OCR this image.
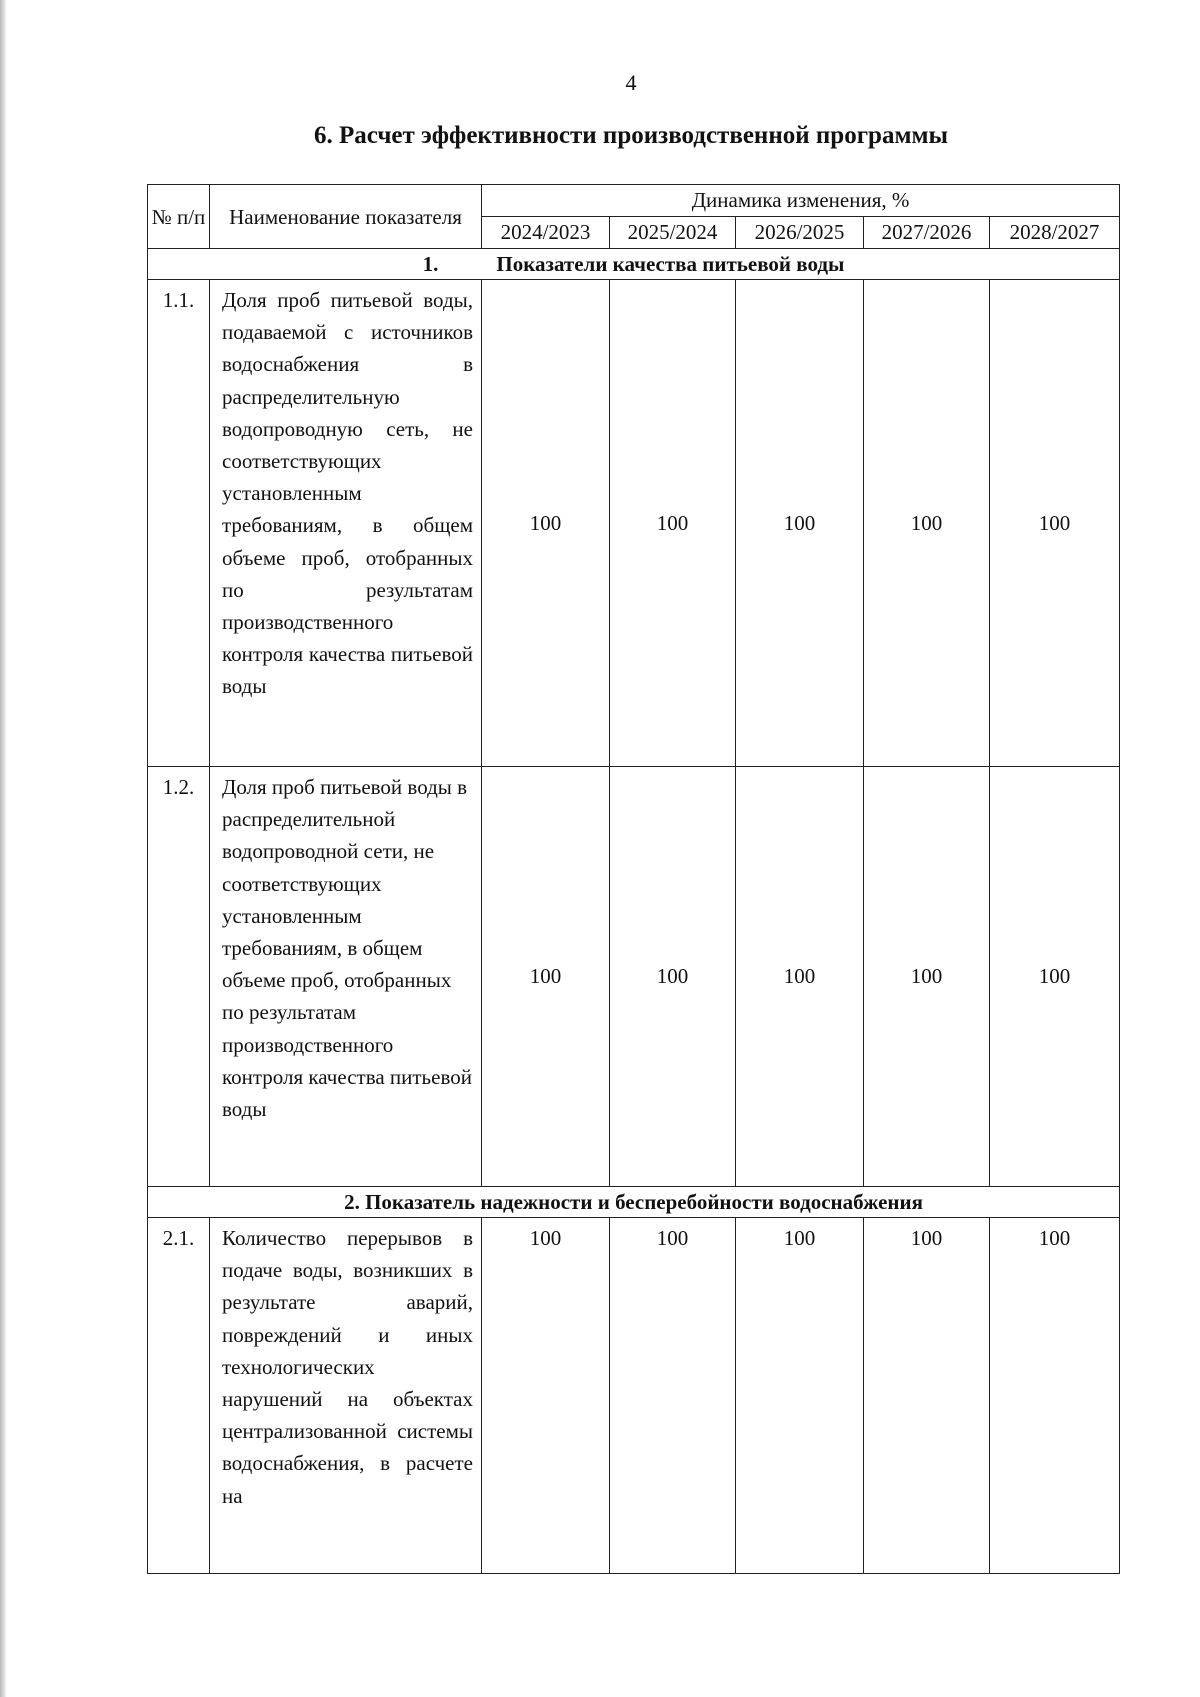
4
6. Расчет эффективности производственной программы
№ п/п	Наименование показателя	Динамика изменения, %				
		2024/2023	2025/2024	2026/2025	2027/2026	2028/2027
1. Показатели качества питьевой воды						
1.1.	Доля проб питьевой воды, подаваемой с источников водоснабжения в распределительную водопроводную сеть, не соответствующих установленным требованиям, в общем объеме проб, отобранных по результатам производственного контроля качества питьевой воды	100	100	100	100	100
1.2.	Доля проб питьевой воды в распределительной водопроводной сети, не соответствующих установленным требованиям, в общем объеме проб, отобранных по результатам производственного контроля качества питьевой воды	100	100	100	100	100
2. Показатель надежности и бесперебойности водоснабжения						
2.1.	Количество перерывов в подаче воды, возникших в результате аварий, повреждений и иных технологических нарушений на объектах централизованной системы водоснабжения, в расчете на	100	100	100	100	100
